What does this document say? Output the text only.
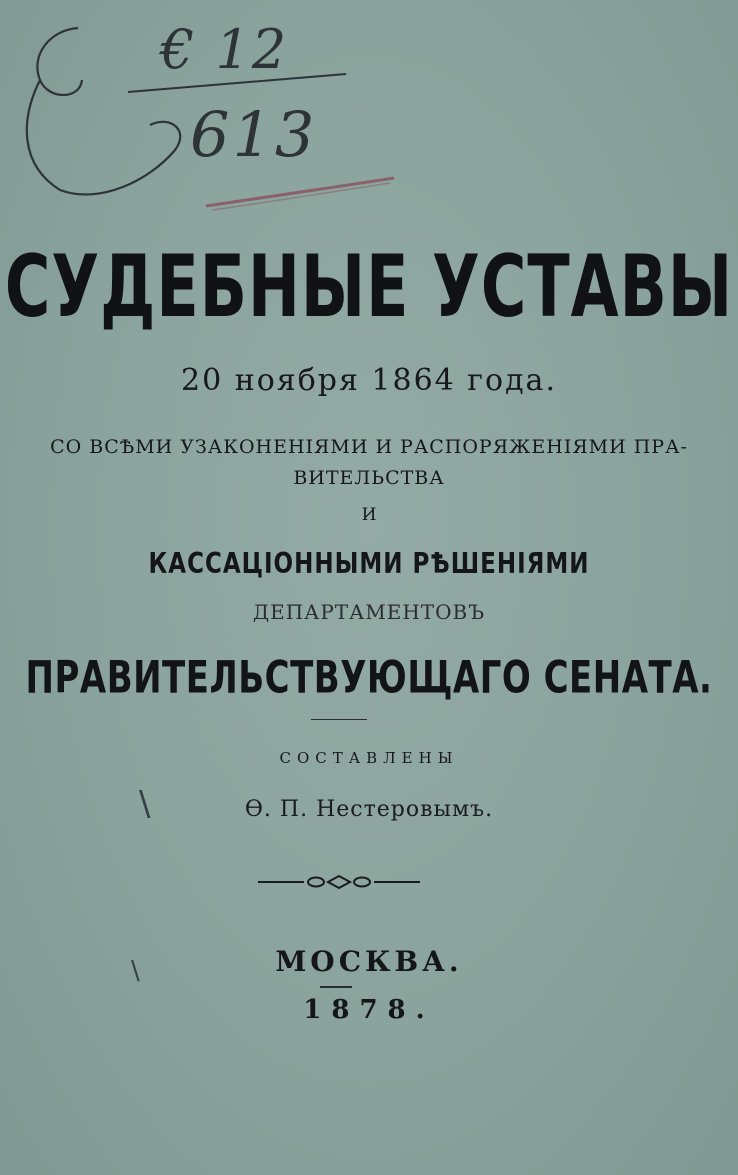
€ 12
613
СУДЕБНЫЕ УСТАВЫ
20 ноября 1864 года.
СО ВСѢМИ УЗАКОНЕНІЯМИ И РАСПОРЯЖЕНІЯМИ ПРА-
ВИТЕЛЬСТВА
И
КАССАЦІОННЫМИ РѢШЕНІЯМИ
ДЕПАРТАМЕНТОВЪ
ПРАВИТЕЛЬСТВУЮЩАГО СЕНАТА.
СОСТАВЛЕНЫ
Ѳ. П. Нестеровымъ.
\
\	МОСКВА.
1878.
